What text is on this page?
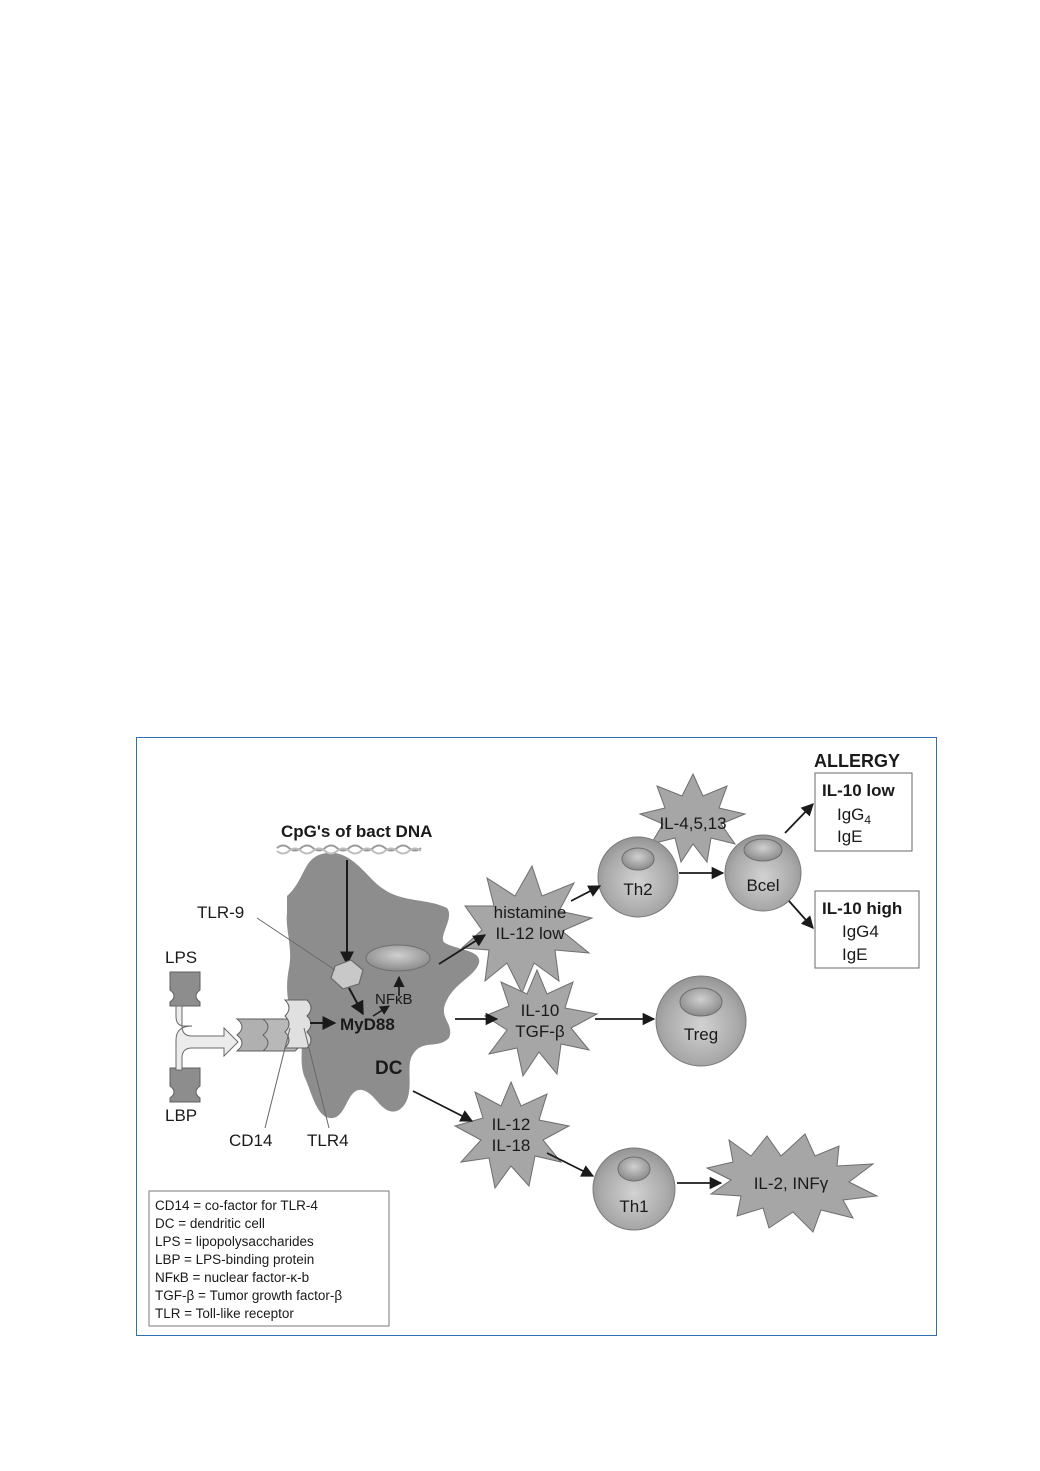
CpG's of bact DNA
TLR-9
NFκB
MyD88
DC
LPS
LBP
CD14 TLR4
histamine
IL-12 low
IL-4,5,13
IL-10
TGF-β
IL-12
IL-18
IL-2, INFγ
Th2	Bcel
Treg
Th1
ALLERGY
IL-10 low
IgG$_4$
IgE
IL-10 high
IgG4
IgE
CD14 = co-factor for TLR-4
DC = dendritic cell
LPS = lipopolysaccharides
LBP = LPS-binding protein
NFκB = nuclear factor-κ-b
TGF-β = Tumor growth factor-β
TLR = Toll-like receptor
